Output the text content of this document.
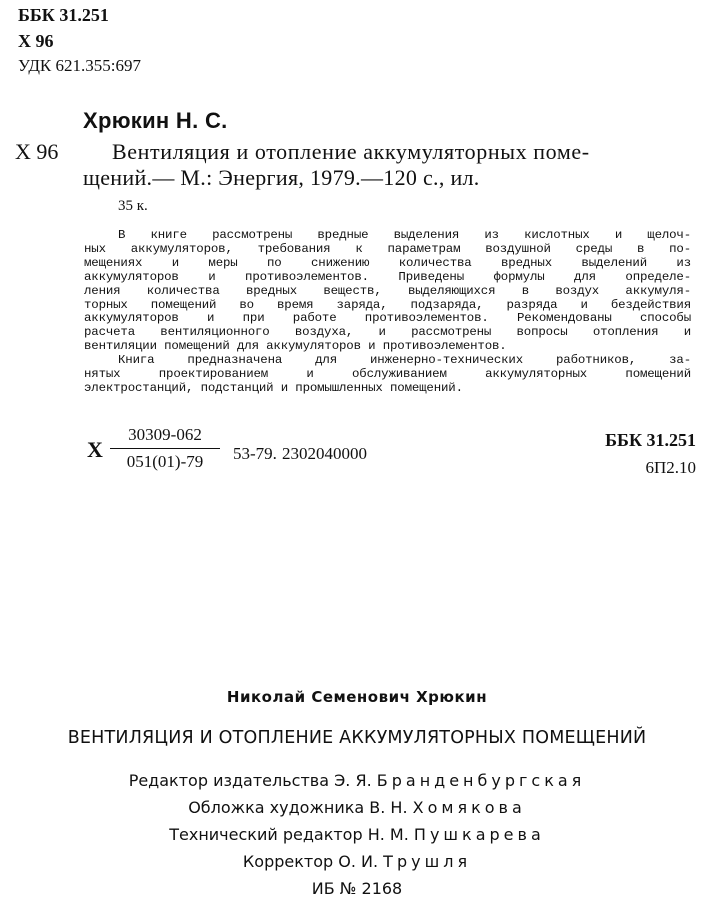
ББК 31.251
Х 96
УДК 621.355:697
Хрюкин Н. С.
Х 96 Вентиляция и отопление аккумуляторных поме-
щений.— М.: Энергия, 1979.—120 с., ил.
35 к.
В книге рассмотрены вредные выделения из кислотных и щелоч-
ных аккумуляторов, требования к параметрам воздушной среды в по-
мещениях и меры по снижению количества вредных выделений из
аккумуляторов и противоэлементов. Приведены формулы для определе-
ления количества вредных веществ, выделяющихся в воздух аккумуля-
торных помещений во время заряда, подзаряда, разряда и бездействия
аккумуляторов и при работе противоэлементов. Рекомендованы способы
расчета вентиляционного воздуха, и рассмотрены вопросы отопления и
вентиляции помещений для аккумуляторов и противоэлементов.
Книга предназначена для инженерно-технических работников, за-
нятых проектированием и обслуживанием аккумуляторных помещений
электростанций, подстанций и промышленных помещений.
Х $\frac{30309-062}{051(01)-79} 53-79$. 2302040000
ББК 31.251
6П2.10
Николай Семенович Хрюкин
ВЕНТИЛЯЦИЯ И ОТОПЛЕНИЕ АККУМУЛЯТОРНЫХ ПОМЕЩЕНИЙ
Редактор издательства Э. Я. Бранденбургская
Обложка художника В. Н. Хомякова
Технический редактор Н. М. Пушкарева
Корректор О. И. Трушля
ИБ № 2168
